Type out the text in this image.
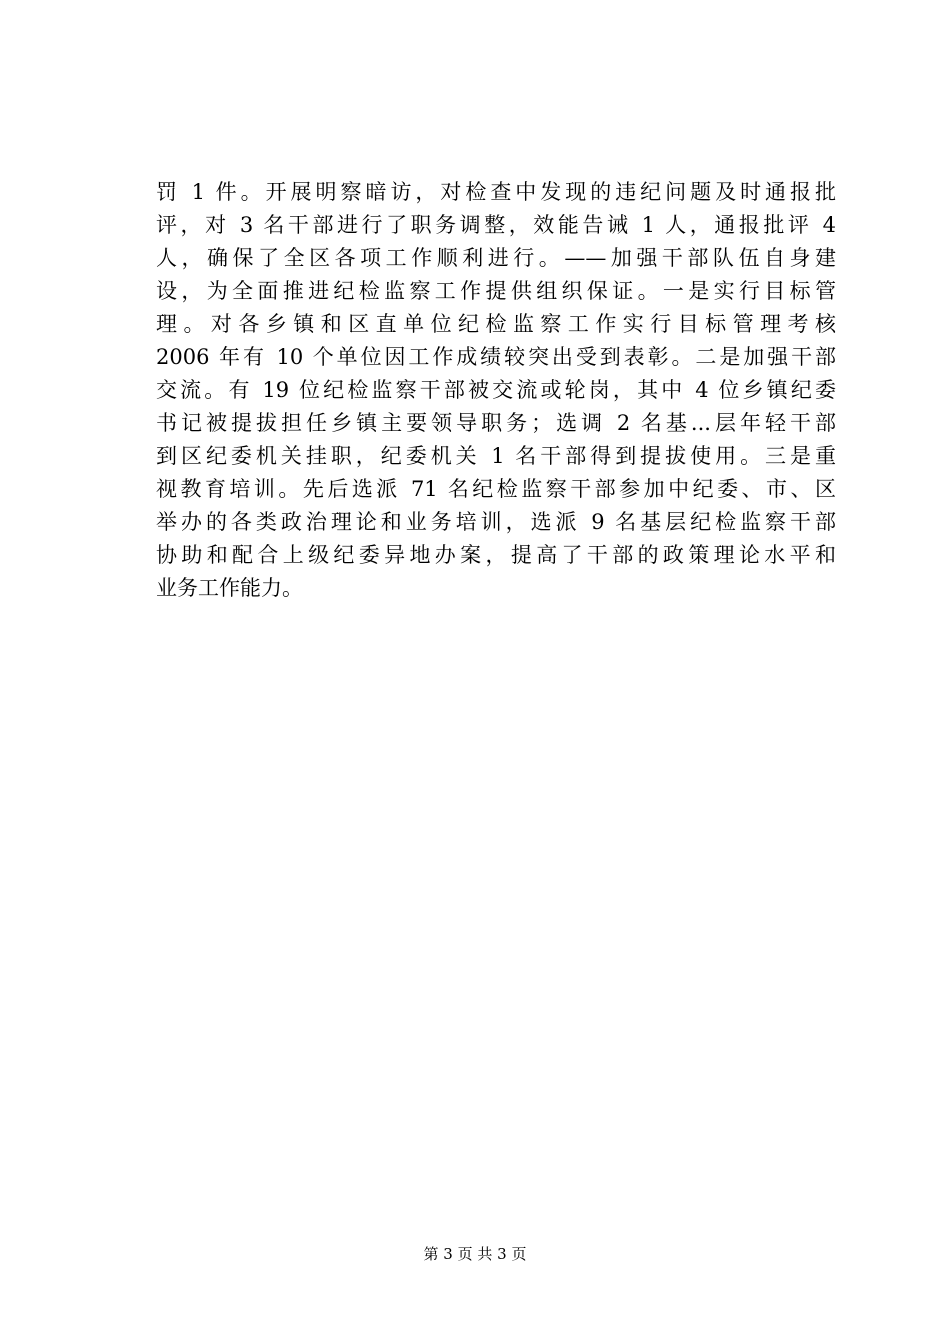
罚 1 件。开展明察暗访，对检查中发现的违纪问题及时通报批
评，对 3 名干部进行了职务调整，效能告诫 1 人，通报批评 4
人，确保了全区各项工作顺利进行。——加强干部队伍自身建
设，为全面推进纪检监察工作提供组织保证。一是实行目标管
理。对各乡镇和区直单位纪检监察工作实行目标管理考核
2006 年有 10 个单位因工作成绩较突出受到表彰。二是加强干部
交流。有 19 位纪检监察干部被交流或轮岗，其中 4 位乡镇纪委
书记被提拔担任乡镇主要领导职务；选调 2 名基...层年轻干部
到区纪委机关挂职，纪委机关 1 名干部得到提拔使用。三是重
视教育培训。先后选派 71 名纪检监察干部参加中纪委、市、区
举办的各类政治理论和业务培训，选派 9 名基层纪检监察干部
协助和配合上级纪委异地办案，提高了干部的政策理论水平和
业务工作能力。
第 3 页 共 3 页
